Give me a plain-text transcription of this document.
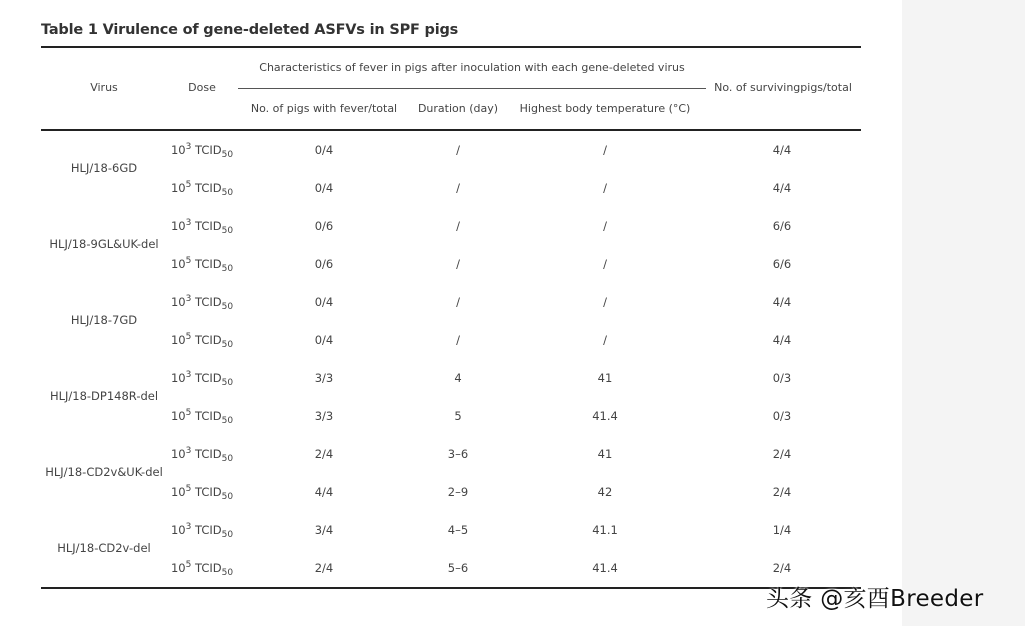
Table 1 Virulence of gene-deleted ASFVs in SPF pigs
Virus	Dose
Characteristics of fever in pigs after inoculation with each gene-deleted virus
No. of pigs with fever/total Duration (day) Highest body temperature (°C)
No. of survivingpigs/total
HLJ/18-6GD
$10^3$ $TCID_{50}$	0/4	/	/	4/4
$10^5$ $TCID_{50}$	0/4	/	/	4/4
HLJ/18-9GL&UK-del
$10^3$ $TCID_{50}$	0/6	/	/	6/6
$10^5$ $TCID_{50}$	0/6	/	/	6/6
HLJ/18-7GD
$10^3$ $TCID_{50}$	0/4	/	/	4/4
$10^5$ $TCID_{50}$	0/4	/	/	4/4
HLJ/18-DP148R-del
$10^3$ $TCID_{50}$	3/3	4	41	0/3
$10^5$ $TCID_{50}$	3/3	5	41.4	0/3
HLJ/18-CD2v&UK-del
$10^3$ $TCID_{50}$	2/4	3–6	41	2/4
$10^5$ $TCID_{50}$	4/4	2–9	42	2/4
HLJ/18-CD2v-del
$10^3$ $TCID_{50}$	3/4	4–5	41.1	1/4
$10^5$ $TCID_{50}$	2/4	5–6	41.4	2/4
头条 @亥酉Breeder
